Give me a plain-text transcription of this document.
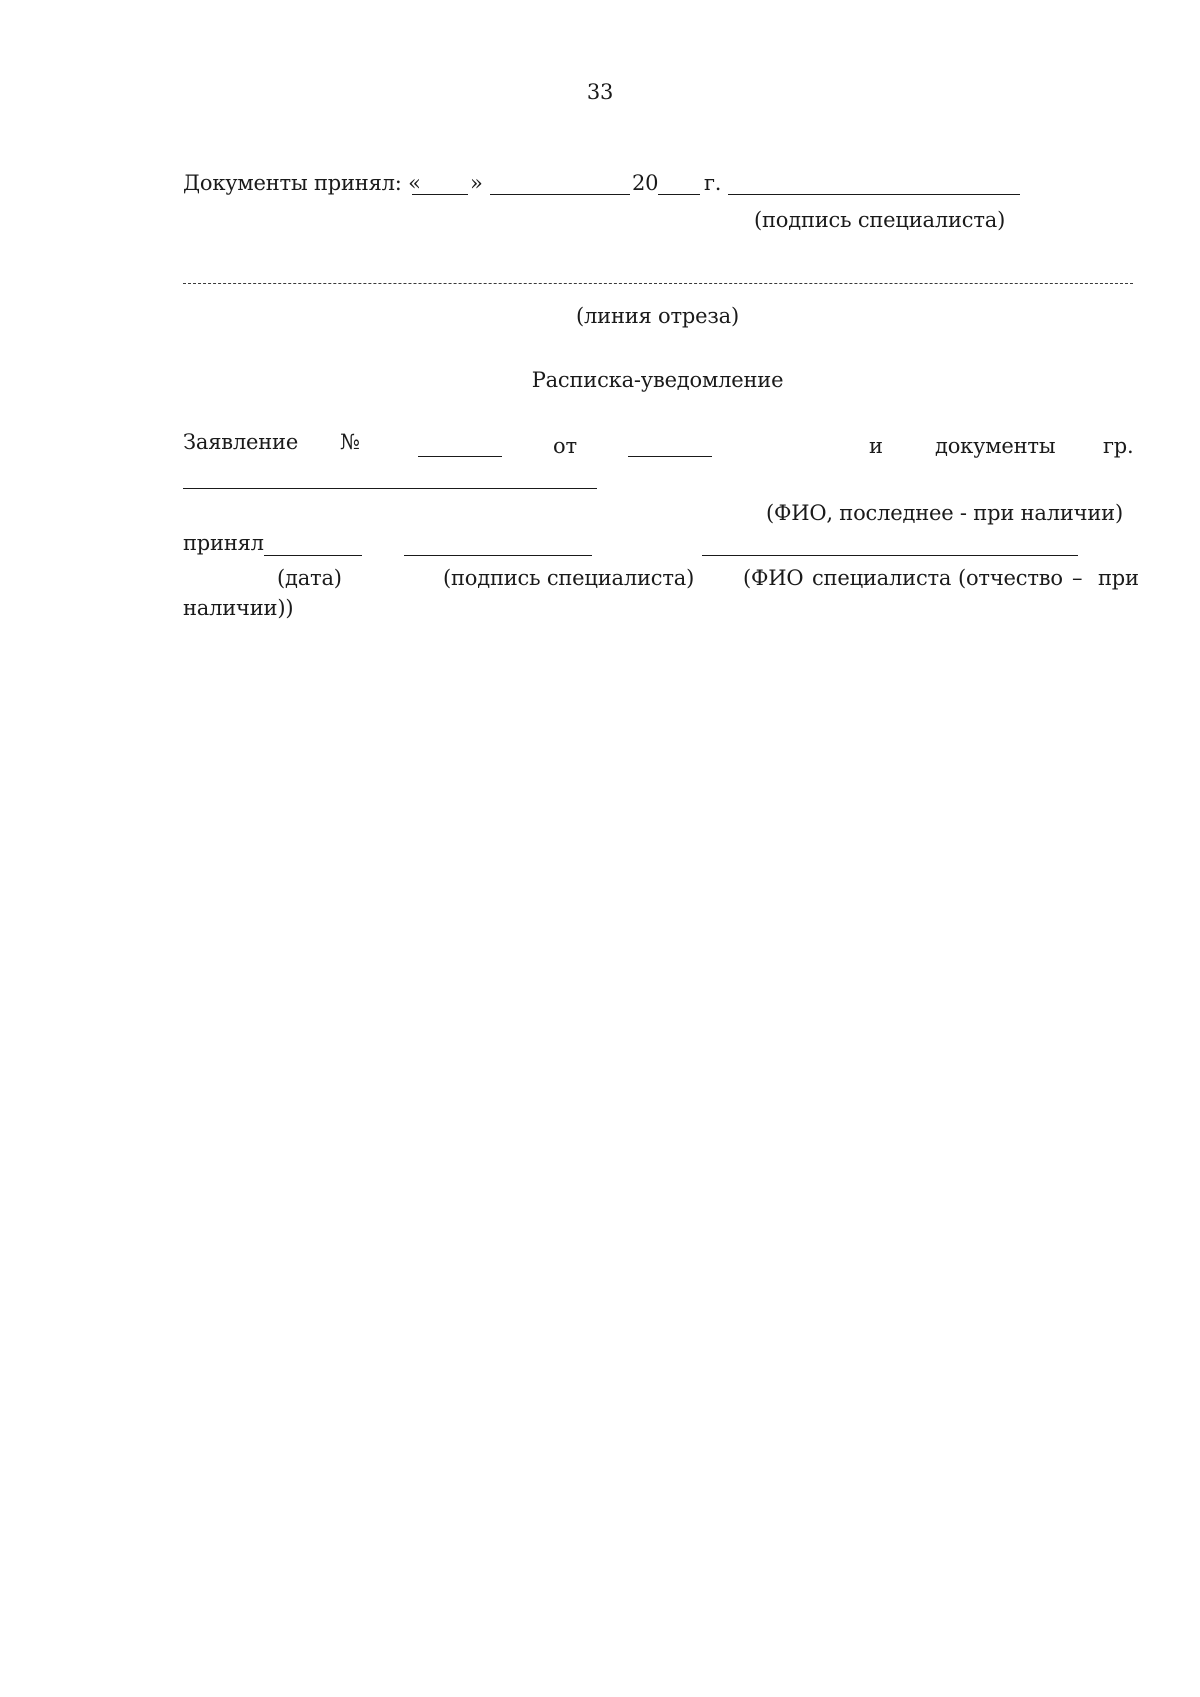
33
Документы принял: « »	20 г.
(подпись специалиста)
(линия отреза)
Расписка-уведомление
Заявление №	от	и документы гр.
(ФИО, последнее - при наличии)
принял
(дата)	(подпись специалиста) (ФИО специалиста (отчество – при
наличии))
